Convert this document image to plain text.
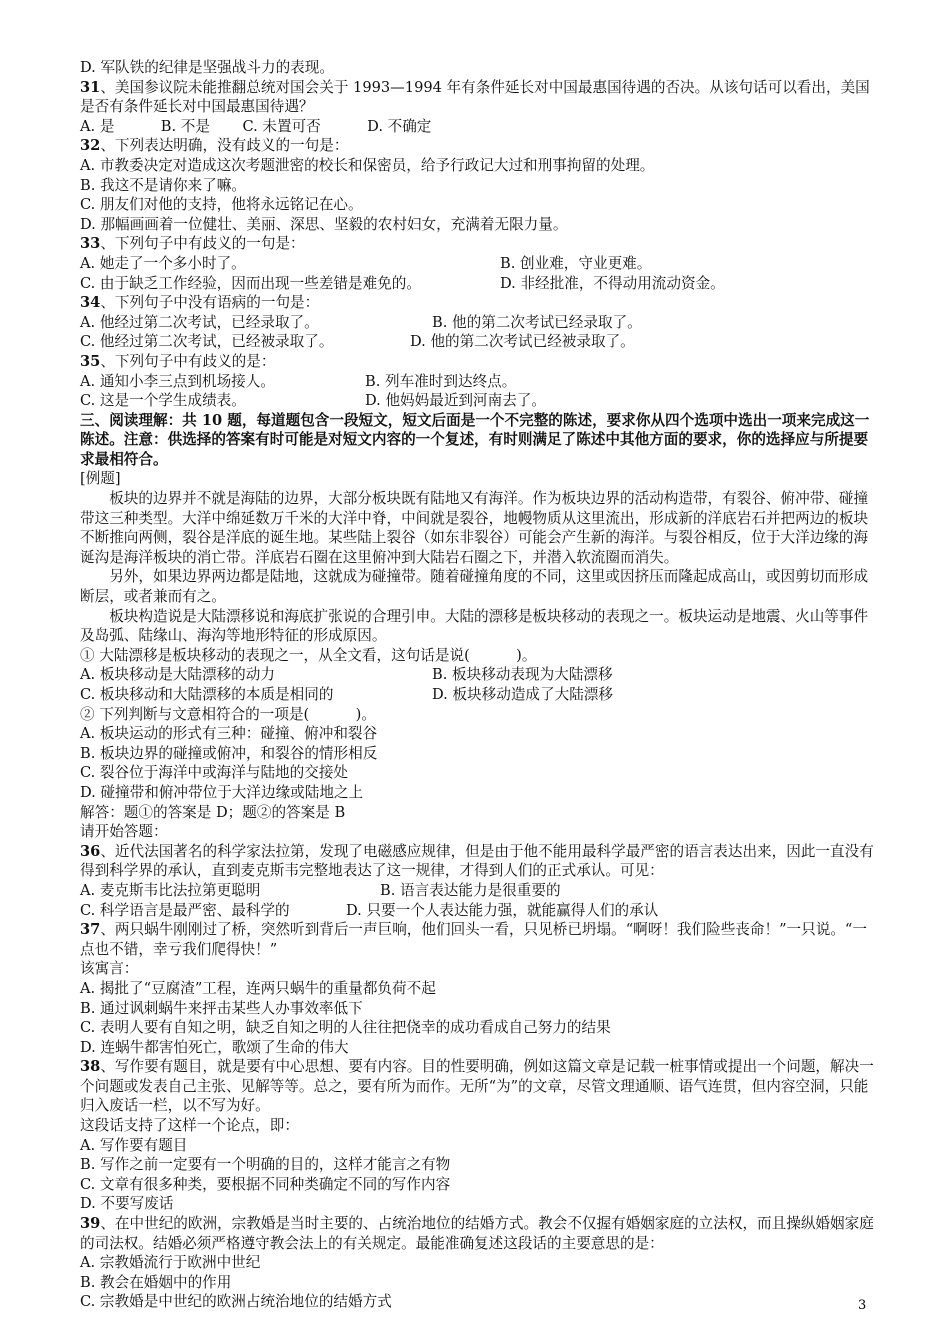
D. 军队铁的纪律是坚强战斗力的表现。
31、美国参议院未能推翻总统对国会关于 1993—1994 年有条件延长对中国最惠国待遇的否决。从该句话可以看出，美国是否有条件延长对中国最惠国待遇？
A. 是          B. 不是       C. 未置可否          D. 不确定
32、下列表达明确，没有歧义的一句是：
A. 市教委决定对造成这次考题泄密的校长和保密员，给予行政记大过和刑事拘留的处理。
B. 我这不是请你来了嘛。
C. 朋友们对他的支持，他将永远铭记在心。
D. 那幅画画着一位健壮、美丽、深思、坚毅的农村妇女，充满着无限力量。
33、下列句子中有歧义的一句是：
A. 她走了一个多小时了。	B. 创业难，守业更难。
C. 由于缺乏工作经验，因而出现一些差错是难免的。	D. 非经批准，不得动用流动资金。
34、下列句子中没有语病的一句是：
A. 他经过第二次考试，已经录取了。	B. 他的第二次考试已经录取了。
C. 他经过第二次考试，已经被录取了。	D. 他的第二次考试已经被录取了。
35、下列句子中有歧义的是：
A. 通知小李三点到机场接人。	B. 列车准时到达终点。
C. 这是一个学生成绩表。	D. 他妈妈最近到河南去了。
三、阅读理解：共 10 题，每道题包含一段短文，短文后面是一个不完整的陈述，要求你从四个选项中选出一项来完成这一陈述。注意：供选择的答案有时可能是对短文内容的一个复述，有时则满足了陈述中其他方面的要求，你的选择应与所提要求最相符合。
[例题]
板块的边界并不就是海陆的边界，大部分板块既有陆地又有海洋。作为板块边界的活动构造带，有裂谷、俯冲带、碰撞带这三种类型。大洋中绵延数万千米的大洋中脊，中间就是裂谷，地幔物质从这里流出，形成新的洋底岩石并把两边的板块不断推向两侧，裂谷是洋底的诞生地。某些陆上裂谷（如东非裂谷）可能会产生新的海洋。与裂谷相反，位于大洋边缘的海诞沟是海洋板块的消亡带。洋底岩石圈在这里俯冲到大陆岩石圈之下，并潜入软流圈而消失。
另外，如果边界两边都是陆地，这就成为碰撞带。随着碰撞角度的不同，这里或因挤压而隆起成高山，或因剪切而形成断层，或者兼而有之。
板块构造说是大陆漂移说和海底扩张说的合理引申。大陆的漂移是板块移动的表现之一。板块运动是地震、火山等事件及岛弧、陆缘山、海沟等地形特征的形成原因。
① 大陆漂移是板块移动的表现之一，从全文看，这句话是说(          )。
A. 板块移动是大陆漂移的动力	B. 板块移动表现为大陆漂移
C. 板块移动和大陆漂移的本质是相同的	D. 板块移动造成了大陆漂移
② 下列判断与文意相符合的一项是(          )。
A. 板块运动的形式有三种：碰撞、俯冲和裂谷
B. 板块边界的碰撞或俯冲，和裂谷的情形相反
C. 裂谷位于海洋中或海洋与陆地的交接处
D. 碰撞带和俯冲带位于大洋边缘或陆地之上
解答：题①的答案是 D；题②的答案是 B
请开始答题：
36、近代法国著名的科学家法拉第，发现了电磁感应规律，但是由于他不能用最科学最严密的语言表达出来，因此一直没有得到科学界的承认，直到麦克斯韦完整地表达了这一规律，才得到人们的正式承认。可见：
A. 麦克斯韦比法拉第更聪明	B. 语言表达能力是很重要的
C. 科学语言是最严密、最科学的	D. 只要一个人表达能力强，就能赢得人们的承认
37、两只蜗牛刚刚过了桥，突然听到背后一声巨响，他们回头一看，只见桥已坍塌。“啊呀！我们险些丧命！”一只说。“一点也不错，幸亏我们爬得快！”
该寓言：
A. 揭批了“豆腐渣”工程，连两只蜗牛的重量都负荷不起
B. 通过讽刺蜗牛来抨击某些人办事效率低下
C. 表明人要有自知之明，缺乏自知之明的人往往把侥幸的成功看成自己努力的结果
D. 连蜗牛都害怕死亡，歌颂了生命的伟大
38、写作要有题目，就是要有中心思想、要有内容。目的性要明确，例如这篇文章是记载一桩事情或提出一个问题，解决一个问题或发表自己主张、见解等等。总之，要有所为而作。无所“为”的文章，尽管文理通顺、语气连贯，但内容空洞，只能归入废话一栏，以不写为好。
这段话支持了这样一个论点，即：
A. 写作要有题目
B. 写作之前一定要有一个明确的目的，这样才能言之有物
C. 文章有很多种类，要根据不同种类确定不同的写作内容
D. 不要写废话
39、在中世纪的欧洲，宗教婚是当时主要的、占统治地位的结婚方式。教会不仅握有婚姻家庭的立法权，而且操纵婚姻家庭的司法权。结婚必须严格遵守教会法上的有关规定。最能准确复述这段话的主要意思的是：
A. 宗教婚流行于欧洲中世纪
B. 教会在婚姻中的作用
C. 宗教婚是中世纪的欧洲占统治地位的结婚方式	3
